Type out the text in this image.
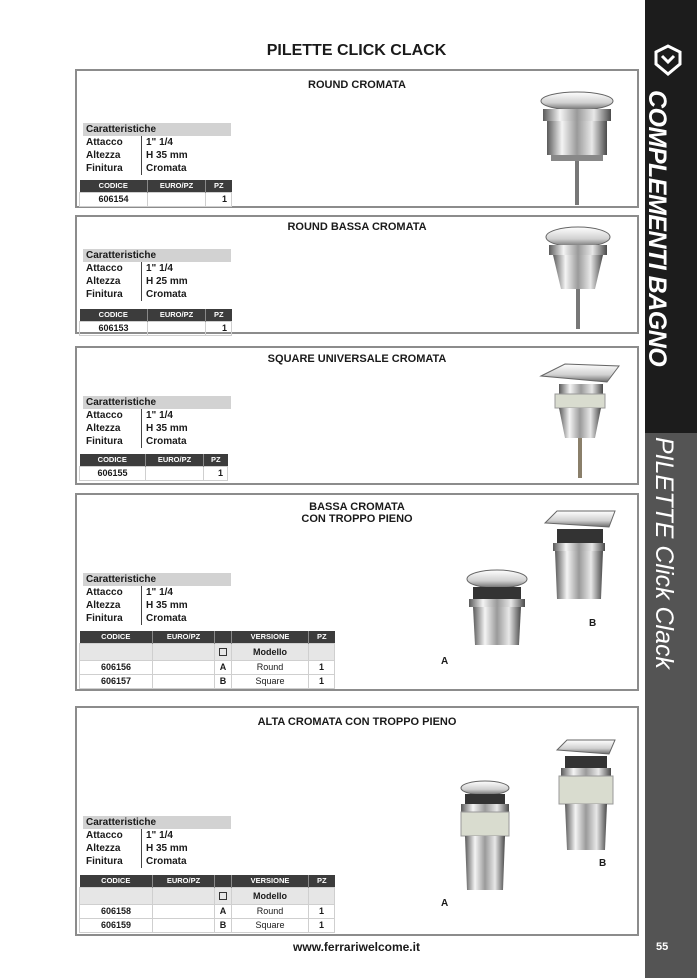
COMPLEMENTI BAGNO
PILETTE Click Clack
55
PILETTE CLICK CLACK
ROUND CROMATA
Caratteristiche
Attacco	1" 1/4
Altezza	H 35 mm
Finitura	Cromata
CODICE	EURO/PZ	PZ
606154		1
ROUND BASSA CROMATA
Caratteristiche
Attacco	1" 1/4
Altezza	H 25 mm
Finitura	Cromata
CODICE	EURO/PZ	PZ
606153		1
SQUARE UNIVERSALE CROMATA
Caratteristiche
Attacco	1" 1/4
Altezza	H 35 mm
Finitura	Cromata
CODICE	EURO/PZ	PZ
606155		1
BASSA CROMATA
CON TROPPO PIENO
Caratteristiche
Attacco	1" 1/4
Altezza	H 35 mm
Finitura	Cromata
CODICE	EURO/PZ		VERSIONE	PZ
			Modello	
606156		A	Round	1
606157		B	Square	1
A
B
ALTA CROMATA CON TROPPO PIENO
Caratteristiche
Attacco	1" 1/4
Altezza	H 35 mm
Finitura	Cromata
CODICE	EURO/PZ		VERSIONE	PZ
			Modello	
606158		A	Round	1
606159		B	Square	1
A
B
www.ferrariwelcome.it
